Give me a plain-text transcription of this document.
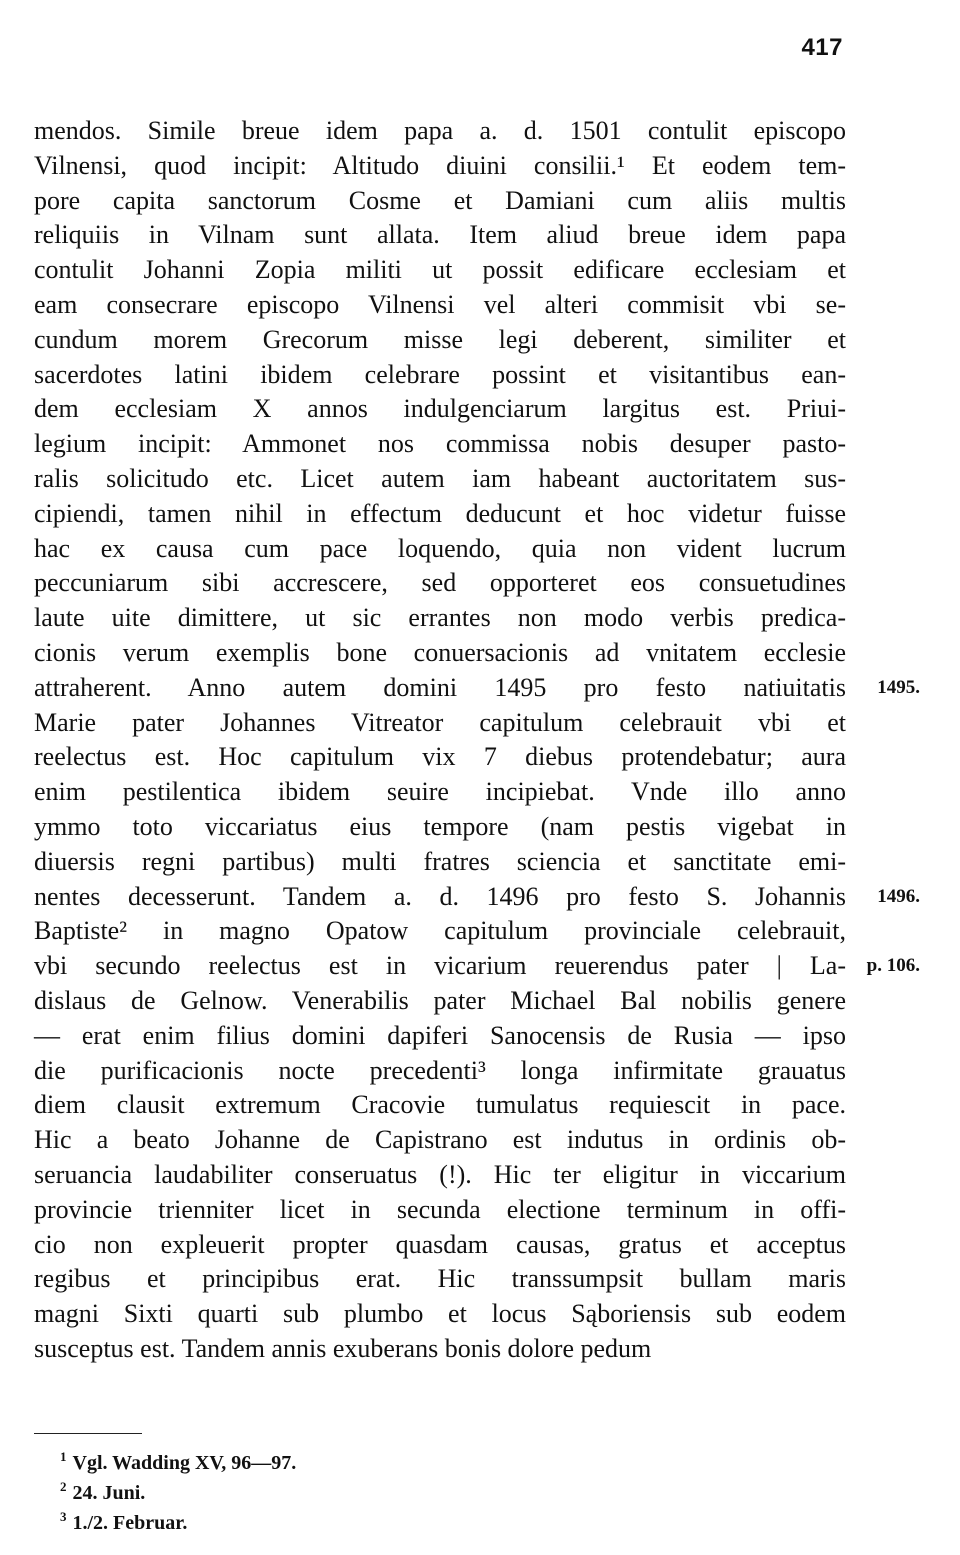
417
mendos. Simile breue idem papa a. d. 1501 contulit episcopo
Vilnensi, quod incipit: Altitudo diuini consilii.¹ Et eodem tem-
pore capita sanctorum Cosme et Damiani cum aliis multis
reliquiis in Vilnam sunt allata. Item aliud breue idem papa
contulit Johanni Zopia militi ut possit edificare ecclesiam et
eam consecrare episcopo Vilnensi vel alteri commisit vbi se-
cundum morem Grecorum misse legi deberent, similiter et
sacerdotes latini ibidem celebrare possint et visitantibus ean-
dem ecclesiam X annos indulgenciarum largitus est. Priui-
legium incipit: Ammonet nos commissa nobis desuper pasto-
ralis solicitudo etc. Licet autem iam habeant auctoritatem sus-
cipiendi, tamen nihil in effectum deducunt et hoc videtur fuisse
hac ex causa cum pace loquendo, quia non vident lucrum
peccuniarum sibi accrescere, sed opporteret eos consuetudines
laute uite dimittere, ut sic errantes non modo verbis predica-
cionis verum exemplis bone conuersacionis ad vnitatem ecclesie
attraherent. Anno autem domini 1495 pro festo natiuitatis
Marie pater Johannes Vitreator capitulum celebrauit vbi et
reelectus est. Hoc capitulum vix 7 diebus protendebatur; aura
enim pestilentica ibidem seuire incipiebat. Vnde illo anno
ymmo toto viccariatus eius tempore (nam pestis vigebat in
diuersis regni partibus) multi fratres sciencia et sanctitate emi-
nentes decesserunt. Tandem a. d. 1496 pro festo S. Johannis
Baptiste² in magno Opatow capitulum provinciale celebrauit,
vbi secundo reelectus est in vicarium reuerendus pater | La-
dislaus de Gelnow. Venerabilis pater Michael Bal nobilis genere
— erat enim filius domini dapiferi Sanocensis de Rusia — ipso
die purificacionis nocte precedenti³ longa infirmitate grauatus
diem clausit extremum Cracovie tumulatus requiescit in pace.
Hic a beato Johanne de Capistrano est indutus in ordinis ob-
seruancia laudabiliter conseruatus (!). Hic ter eligitur in viccarium
provincie trienniter licet in secunda electione terminum in offi-
cio non expleuerit propter quasdam causas, gratus et acceptus
regibus et principibus erat. Hic transsumpsit bullam maris
magni Sixti quarti sub plumbo et locus Sąboriensis sub eodem
susceptus est. Tandem annis exuberans bonis dolore pedum
1495.
1496.
p. 106.
$^1$ Vgl. Wadding XV, 96—97.
$^2$ 24. Juni.
$^3$ 1./2. Februar.
